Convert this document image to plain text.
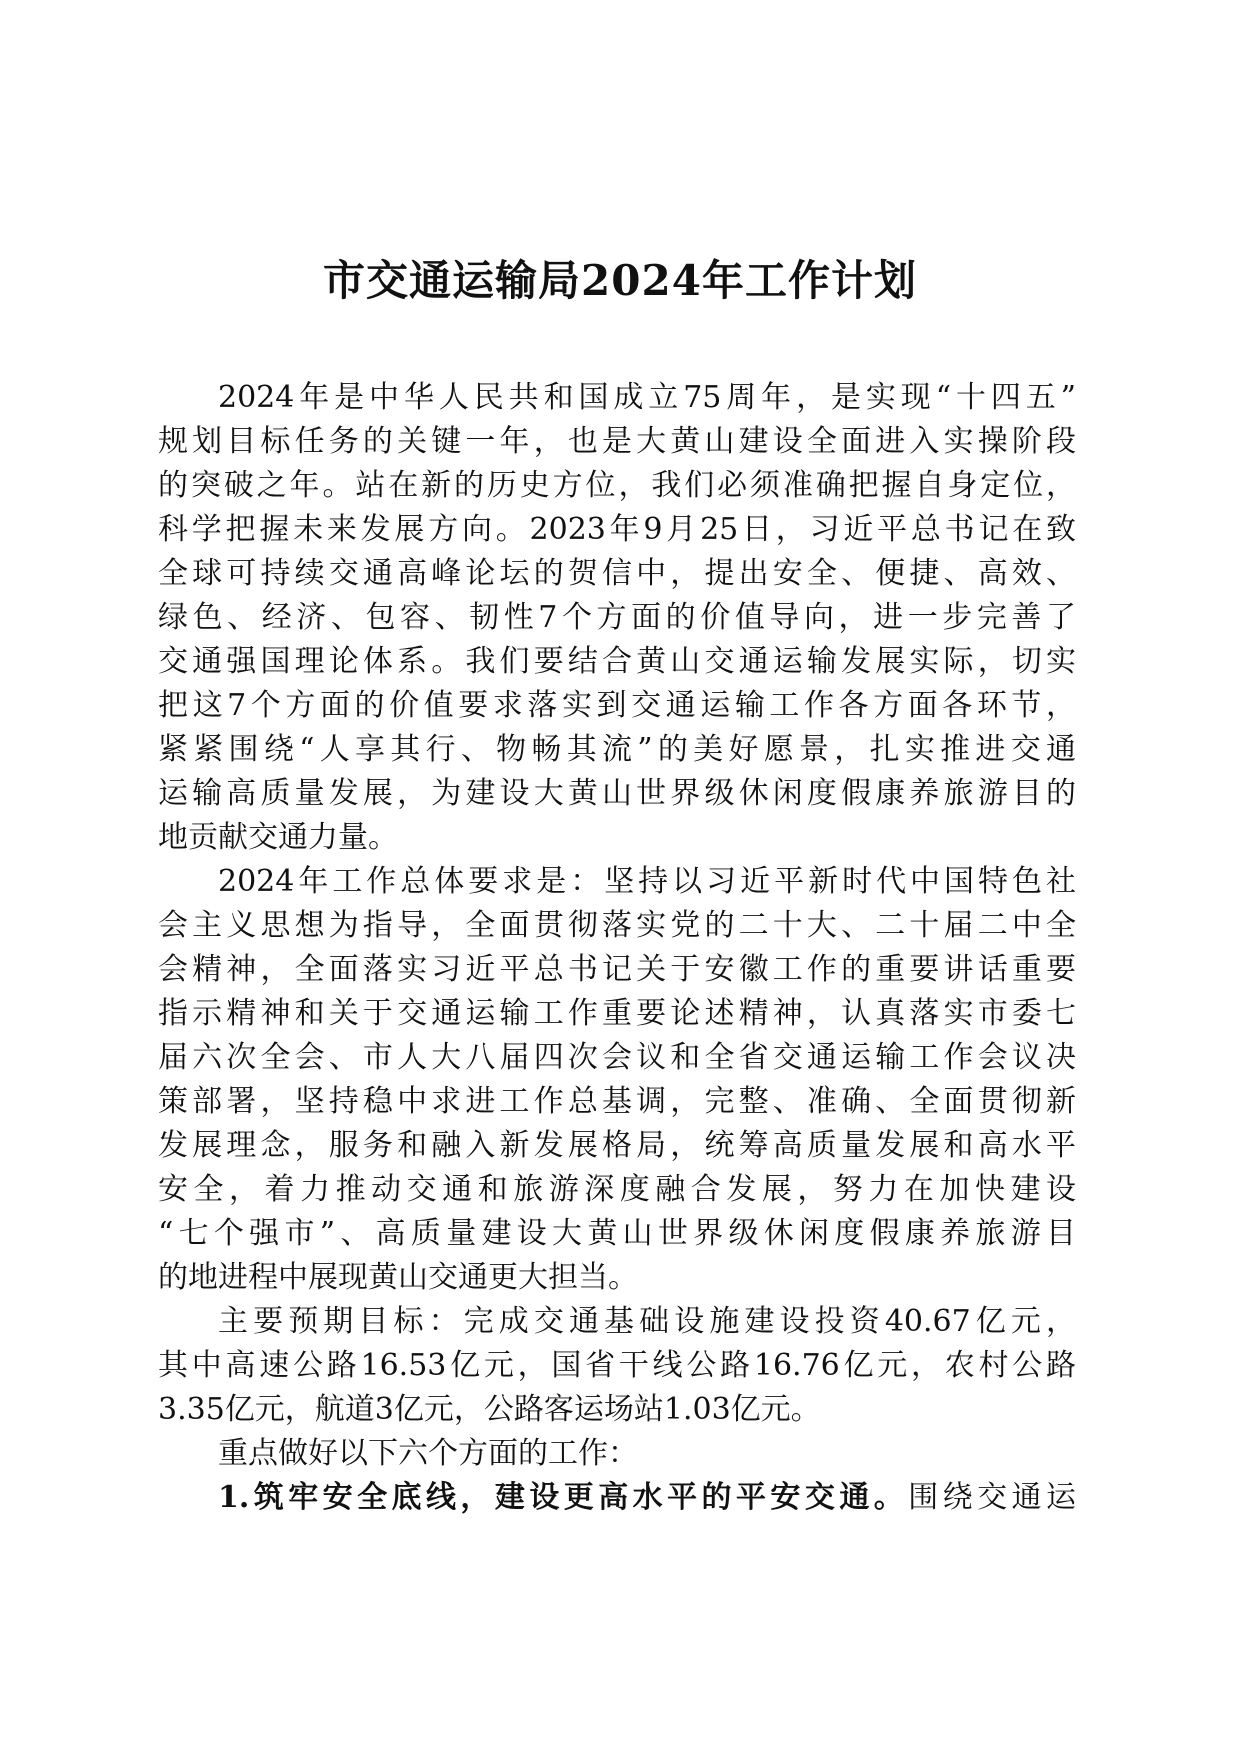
市交通运输局2024年工作计划
2024年是中华人民共和国成立75周年，是实现“十四五”
规划目标任务的关键一年，也是大黄山建设全面进入实操阶段
的突破之年。站在新的历史方位，我们必须准确把握自身定位，
科学把握未来发展方向。2023年9月25日，习近平总书记在致
全球可持续交通高峰论坛的贺信中，提出安全、便捷、高效、
绿色、经济、包容、韧性7个方面的价值导向，进一步完善了
交通强国理论体系。我们要结合黄山交通运输发展实际，切实
把这7个方面的价值要求落实到交通运输工作各方面各环节，
紧紧围绕“人享其行、物畅其流”的美好愿景，扎实推进交通
运输高质量发展，为建设大黄山世界级休闲度假康养旅游目的
地贡献交通力量。
2024年工作总体要求是：坚持以习近平新时代中国特色社
会主义思想为指导，全面贯彻落实党的二十大、二十届二中全
会精神，全面落实习近平总书记关于安徽工作的重要讲话重要
指示精神和关于交通运输工作重要论述精神，认真落实市委七
届六次全会、市人大八届四次会议和全省交通运输工作会议决
策部署，坚持稳中求进工作总基调，完整、准确、全面贯彻新
发展理念，服务和融入新发展格局，统筹高质量发展和高水平
安全，着力推动交通和旅游深度融合发展，努力在加快建设
“七个强市”、高质量建设大黄山世界级休闲度假康养旅游目
的地进程中展现黄山交通更大担当。
主要预期目标：完成交通基础设施建设投资40.67亿元，
其中高速公路16.53亿元，国省干线公路16.76亿元，农村公路
3.35亿元，航道3亿元，公路客运场站1.03亿元。
重点做好以下六个方面的工作：
1.筑牢安全底线，建设更高水平的平安交通。围绕交通运
